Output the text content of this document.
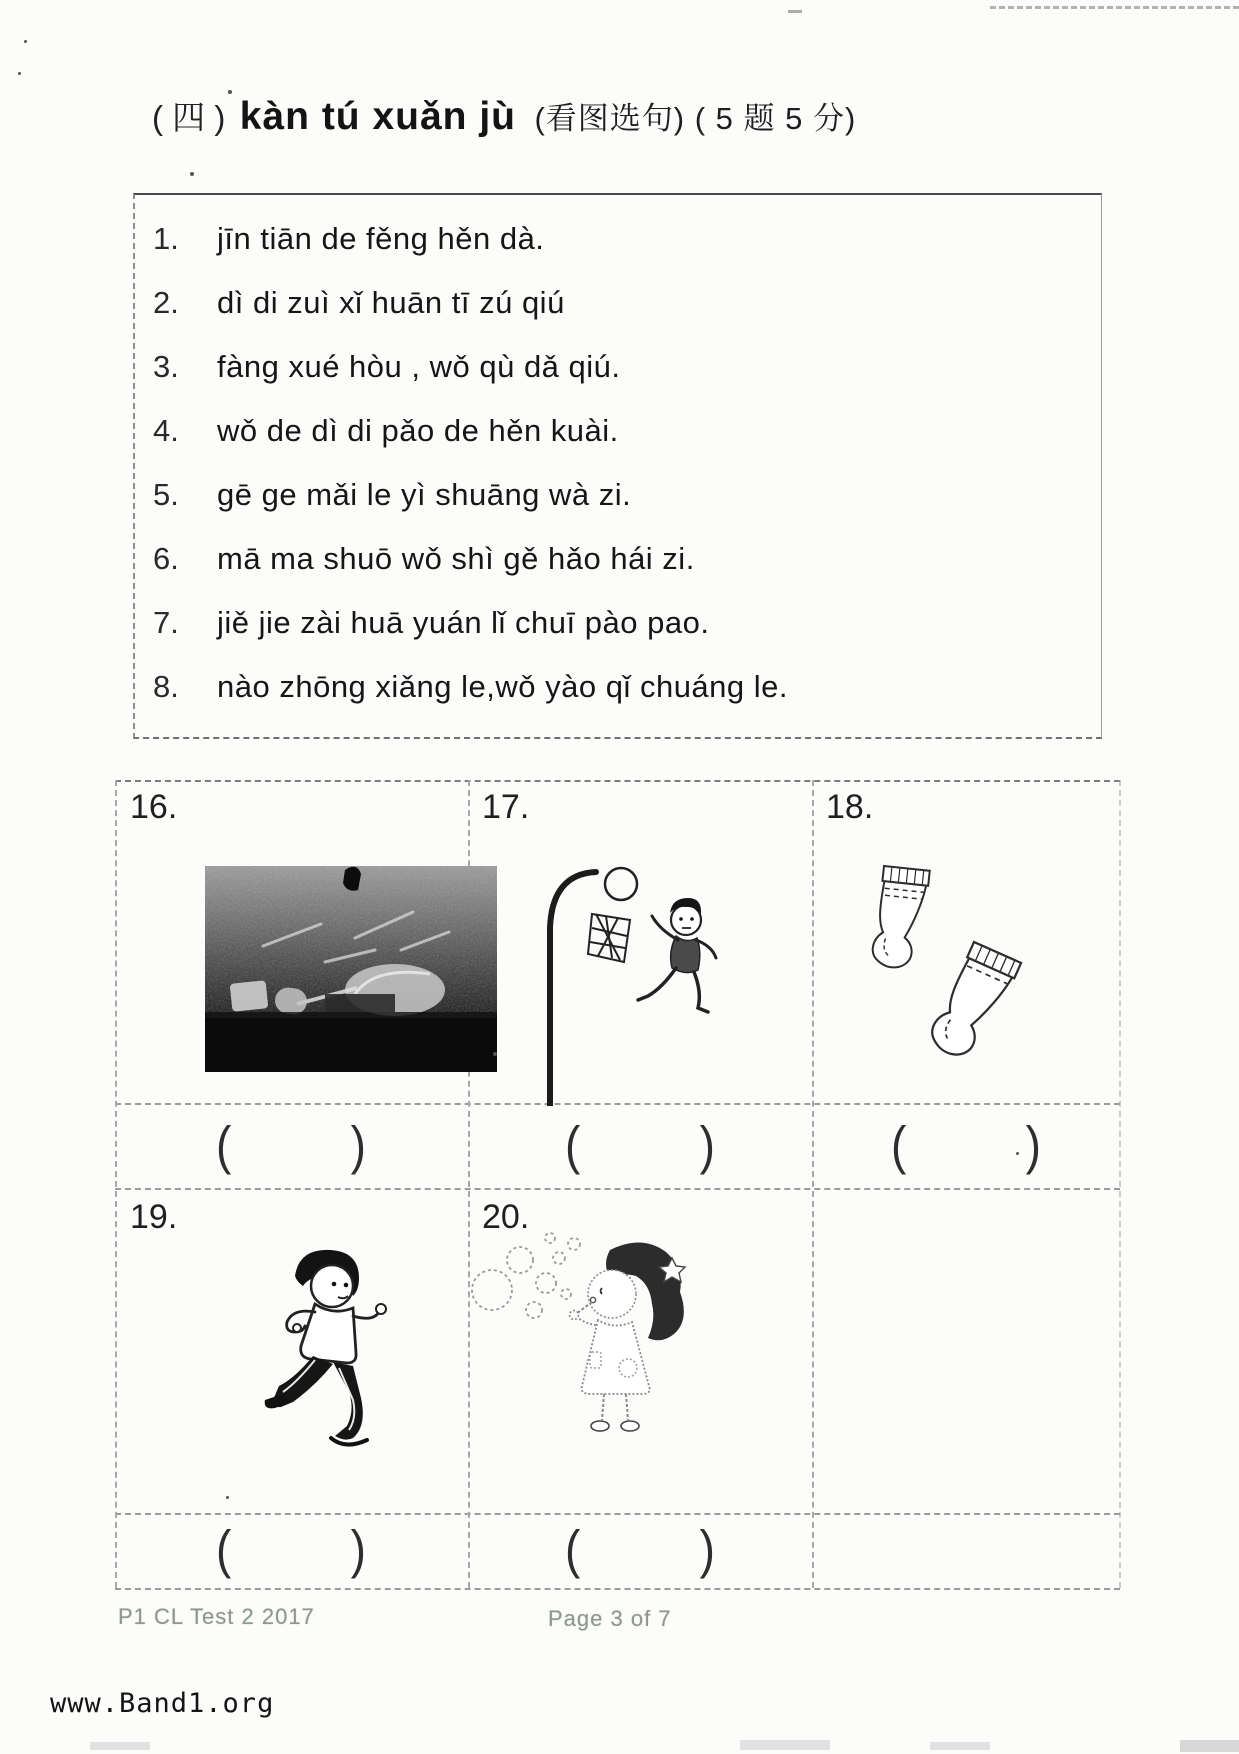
( 四 ) kàn tú xuǎn jù (看图选句) ( 5 题 5 分)
1.	jīn tiān de fěng hěn dà.
2.	dì di zuì xǐ huān tī zú qiú
3.	fàng xué hòu , wǒ qù dǎ qiú.
4.	wǒ de dì di pǎo de hěn kuài.
5.	gē ge mǎi le yì shuāng wà zi.
6.	mā ma shuō wǒ shì gě hǎo hái zi.
7.	jiě jie zài huā yuán lǐ chuī pào pao.
8.	nào zhōng xiǎng le,wǒ yào qǐ chuáng le.
16.	17.	18.
19.	20.
(	)	(	)	(	)
(	)	(	)
P1 CL Test 2 2017	Page 3 of 7
www.Band1.org
